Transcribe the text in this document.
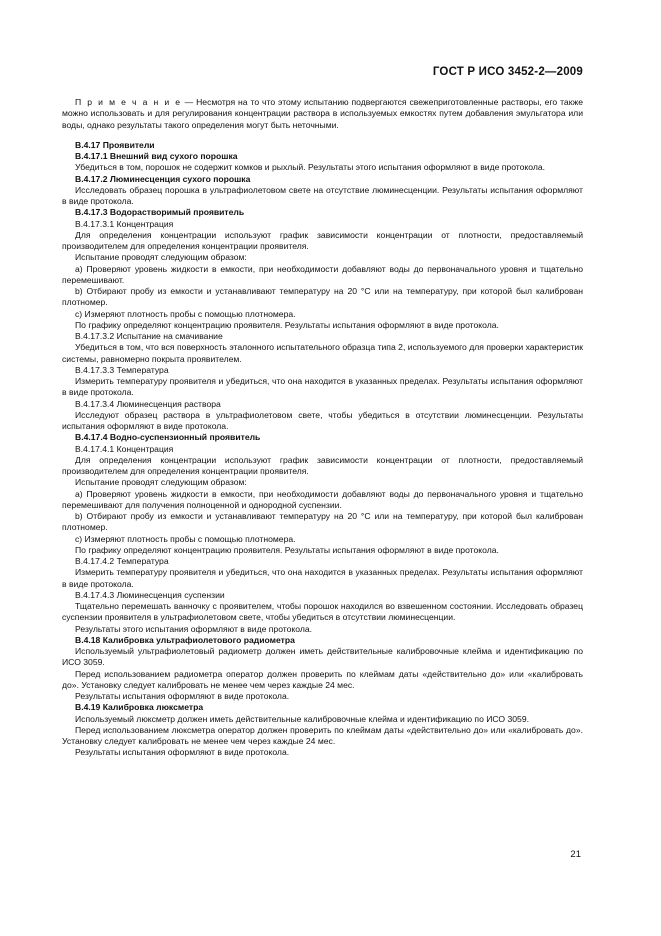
ГОСТ Р ИСО 3452-2—2009

П р и м е ч а н и е — Несмотря на то что этому испытанию подвергаются свежеприготовленные растворы, его также можно использовать и для регулирования концентрации раствора в используемых емкостях путем добавления эмульгатора или воды, однако результаты такого определения могут быть неточными.

B.4.17 Проявители

B.4.17.1 Внешний вид сухого порошка

Убедиться в том, порошок не содержит комков и рыхлый. Результаты этого испытания оформляют в виде протокола.

B.4.17.2 Люминесценция сухого порошка

Исследовать образец порошка в ультрафиолетовом свете на отсутствие люминесценции. Результаты испытания оформляют в виде протокола.

B.4.17.3 Водорастворимый проявитель

B.4.17.3.1 Концентрация

Для определения концентрации используют график зависимости концентрации от плотности, предоставляемый производителем для определения концентрации проявителя.

Испытание проводят следующим образом:

а) Проверяют уровень жидкости в емкости, при необходимости добавляют воды до первоначального уровня и тщательно перемешивают.

b) Отбирают пробу из емкости и устанавливают температуру на 20 °C или на температуру, при которой был калиброван плотномер.

с) Измеряют плотность пробы с помощью плотномера.

По графику определяют концентрацию проявителя. Результаты испытания оформляют в виде протокола.

B.4.17.3.2 Испытание на смачивание

Убедиться в том, что вся поверхность эталонного испытательного образца типа 2, используемого для проверки характеристик системы, равномерно покрыта проявителем.

B.4.17.3.3 Температура

Измерить температуру проявителя и убедиться, что она находится в указанных пределах. Результаты испытания оформляют в виде протокола.

B.4.17.3.4 Люминесценция раствора

Исследуют образец раствора в ультрафиолетовом свете, чтобы убедиться в отсутствии люминесценции. Результаты испытания оформляют в виде протокола.

B.4.17.4 Водно-суспензионный проявитель

B.4.17.4.1 Концентрация

Для определения концентрации используют график зависимости концентрации от плотности, предоставляемый производителем для определения концентрации проявителя.

Испытание проводят следующим образом:

а) Проверяют уровень жидкости в емкости, при необходимости добавляют воды до первоначального уровня и тщательно перемешивают для получения полноценной и однородной суспензии.

b) Отбирают пробу из емкости и устанавливают температуру на 20 °C или на температуру, при которой был калиброван плотномер.

с) Измеряют плотность пробы с помощью плотномера.

По графику определяют концентрацию проявителя. Результаты испытания оформляют в виде протокола.

B.4.17.4.2 Температура

Измерить температуру проявителя и убедиться, что она находится в указанных пределах. Результаты испытания оформляют в виде протокола.

B.4.17.4.3 Люминесценция суспензии

Тщательно перемешать ванночку с проявителем, чтобы порошок находился во взвешенном состоянии. Исследовать образец суспензии проявителя в ультрафиолетовом свете, чтобы убедиться в отсутствии люминесценции.

Результаты этого испытания оформляют в виде протокола.

B.4.18 Калибровка ультрафиолетового радиометра

Используемый ультрафиолетовый радиометр должен иметь действительные калибровочные клейма и идентификацию по ИСО 3059.

Перед использованием радиометра оператор должен проверить по клеймам даты «действительно до» или «калибровать до». Установку следует калибровать не менее чем через каждые 24 мес.

Результаты испытания оформляют в виде протокола.

B.4.19 Калибровка люксметра

Используемый люксметр должен иметь действительные калибровочные клейма и идентификацию по ИСО 3059.

Перед использованием люксметра оператор должен проверить по клеймам даты «действительно до» или «калибровать до». Установку следует калибровать не менее чем через каждые 24 мес.

Результаты испытания оформляют в виде протокола.

21
